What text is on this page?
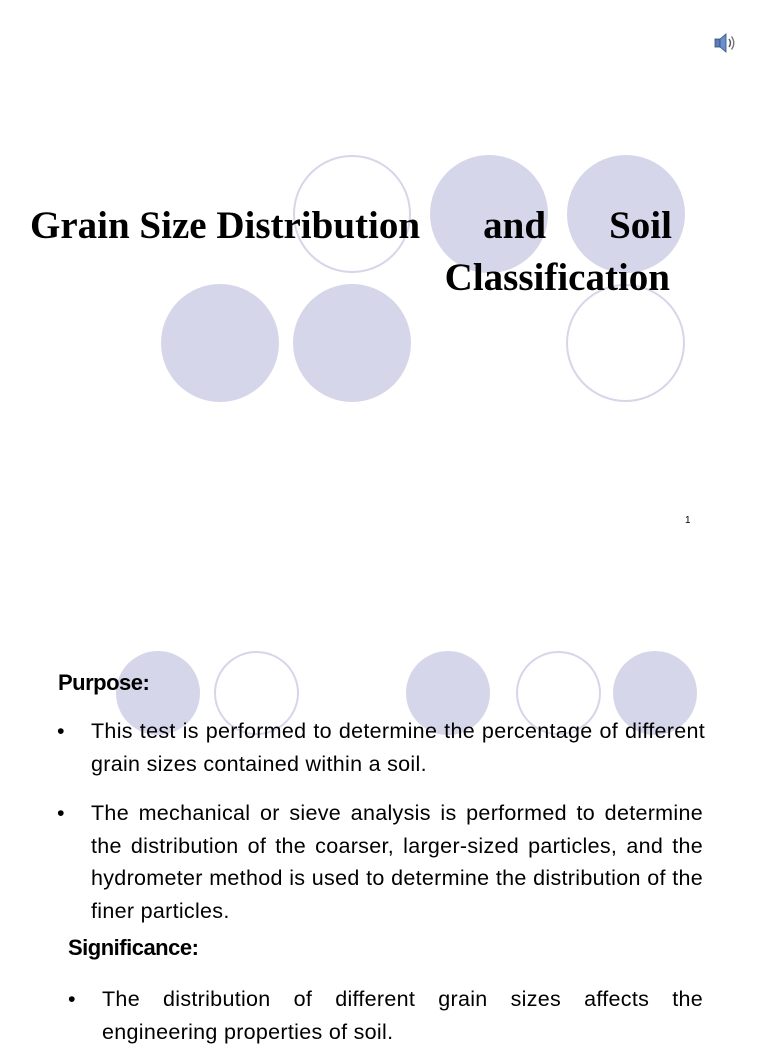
Grain Size Distribution and Soil
Classification
1
Purpose:

• This test is performed to determine the percentage of different grain sizes contained within a soil.

• The mechanical or sieve analysis is performed to determine the distribution of the coarser, larger-sized particles, and the hydrometer method is used to determine the distribution of the finer particles.

Significance:

• The distribution of different grain sizes affects the engineering properties of soil.
